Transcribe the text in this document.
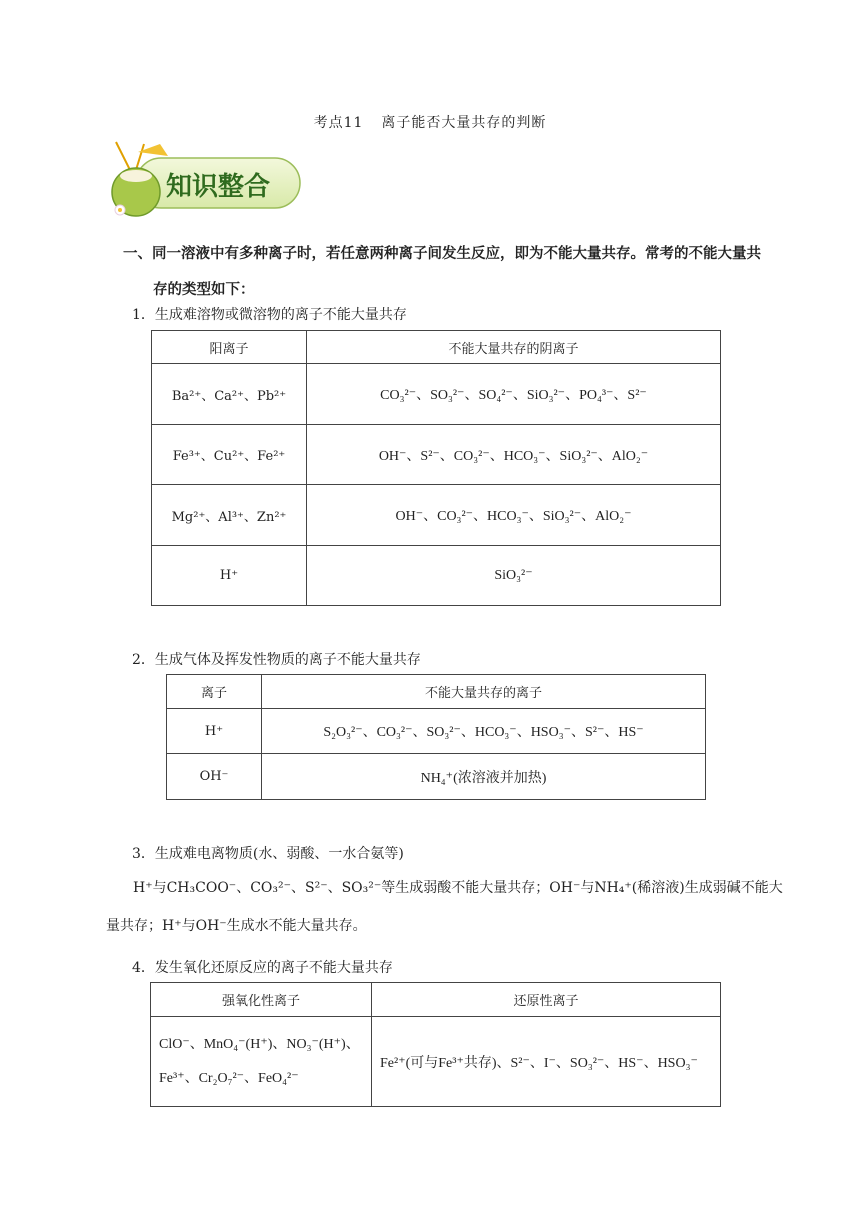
考点11 离子能否大量共存的判断
知识整合
一、同一溶液中有多种离子时，若任意两种离子间发生反应，即为不能大量共存。常考的不能大量共
存的类型如下：
1．生成难溶物或微溶物的离子不能大量共存
阳离子	不能大量共存的阴离子
Ba²⁺、Ca²⁺、Pb²⁺	CO₃²⁻、SO₃²⁻、SO₄²⁻、SiO₃²⁻、PO₄³⁻、S²⁻
Fe³⁺、Cu²⁺、Fe²⁺	OH⁻、S²⁻、CO₃²⁻、HCO₃⁻、SiO₃²⁻、AlO₂⁻
Mg²⁺、Al³⁺、Zn²⁺	OH⁻、CO₃²⁻、HCO₃⁻、SiO₃²⁻、AlO₂⁻
H⁺	SiO₃²⁻
2．生成气体及挥发性物质的离子不能大量共存
离子	不能大量共存的离子
H⁺	S₂O₃²⁻、CO₃²⁻、SO₃²⁻、HCO₃⁻、HSO₃⁻、S²⁻、HS⁻
OH⁻	NH₄⁺(浓溶液并加热)
3．生成难电离物质(水、弱酸、一水合氨等)
H⁺与CH₃COO⁻、CO₃²⁻、S²⁻、SO₃²⁻等生成弱酸不能大量共存；OH⁻与NH₄⁺(稀溶液)生成弱碱不能大量共存；H⁺与OH⁻生成水不能大量共存。
4．发生氧化还原反应的离子不能大量共存
强氧化性离子	还原性离子

ClO⁻、MnO₄⁻(H⁺)、NO₃⁻(H⁺)、
Fe³⁺、Cr₂O₇²⁻、FeO₄²⁻	Fe²⁺(可与Fe³⁺共存)、S²⁻、I⁻、SO₃²⁻、HS⁻、HSO₃⁻
